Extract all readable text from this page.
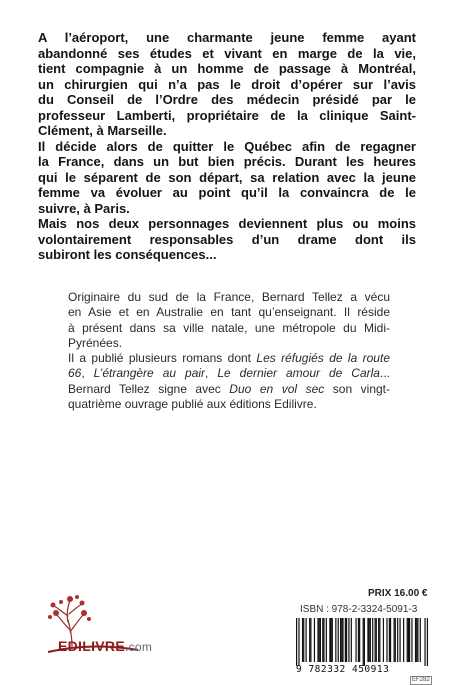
A l’aéroport, une charmante jeune femme ayant
abandonné ses études et vivant en marge de la vie,
tient compagnie à un homme de passage à Montréal,
un chirurgien qui n’a pas le droit d’opérer sur l’avis
du Conseil de l’Ordre des médecin présidé par le
professeur Lamberti, propriétaire de la clinique Saint-
Clément, à Marseille.

Il décide alors de quitter le Québec afin de regagner
la France, dans un but bien précis. Durant les heures
qui le séparent de son départ, sa relation avec la jeune
femme va évoluer au point qu’il la convaincra de le
suivre, à Paris.

Mais nos deux personnages deviennent plus ou moins
volontairement responsables d’un drame dont ils
subiront les conséquences...

Originaire du sud de la France, Bernard Tellez a vécu
en Asie et en Australie en tant qu’enseignant. Il réside
à présent dans sa ville natale, une métropole du Midi-
Pyrénées.
Il a publié plusieurs romans dont Les réfugiés de la route
66, L’étrangère au pair, Le dernier amour de Carla...
Bernard Tellez signe avec Duo en vol sec son vingt-
quatrième ouvrage publié aux éditions Edilivre.
EDILIVRE.com
PRIX 16.00 €
ISBN : 978-2-3324-5091-3
9 782332 450913
EF282
